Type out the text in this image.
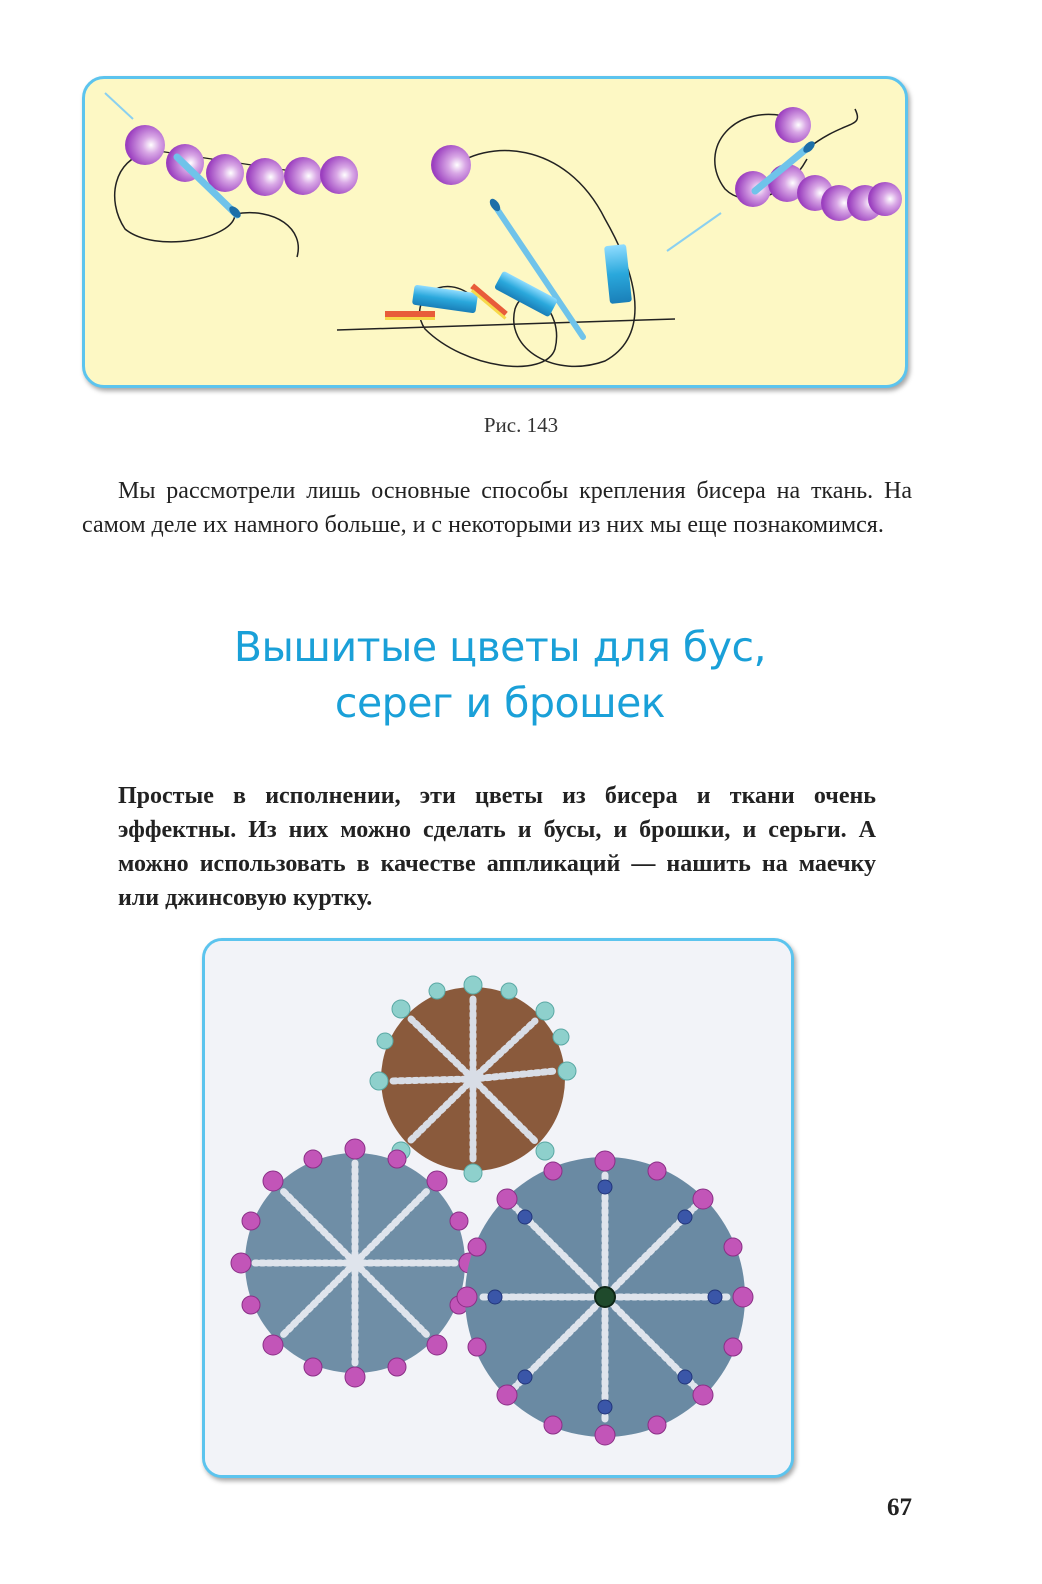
Рис. 143

Мы рассмотрели лишь основные способы крепления бисера на ткань. На самом деле их намного больше, и с некоторыми из них мы еще познакомимся.

Вышитые цветы для бус,
серег и брошек
Простые в исполнении, эти цветы из бисера и ткани очень эффектны. Из них можно сделать и бусы, и брошки, и серьги. А можно использовать в качестве аппликаций — нашить на маечку или джинсовую куртку.
67
